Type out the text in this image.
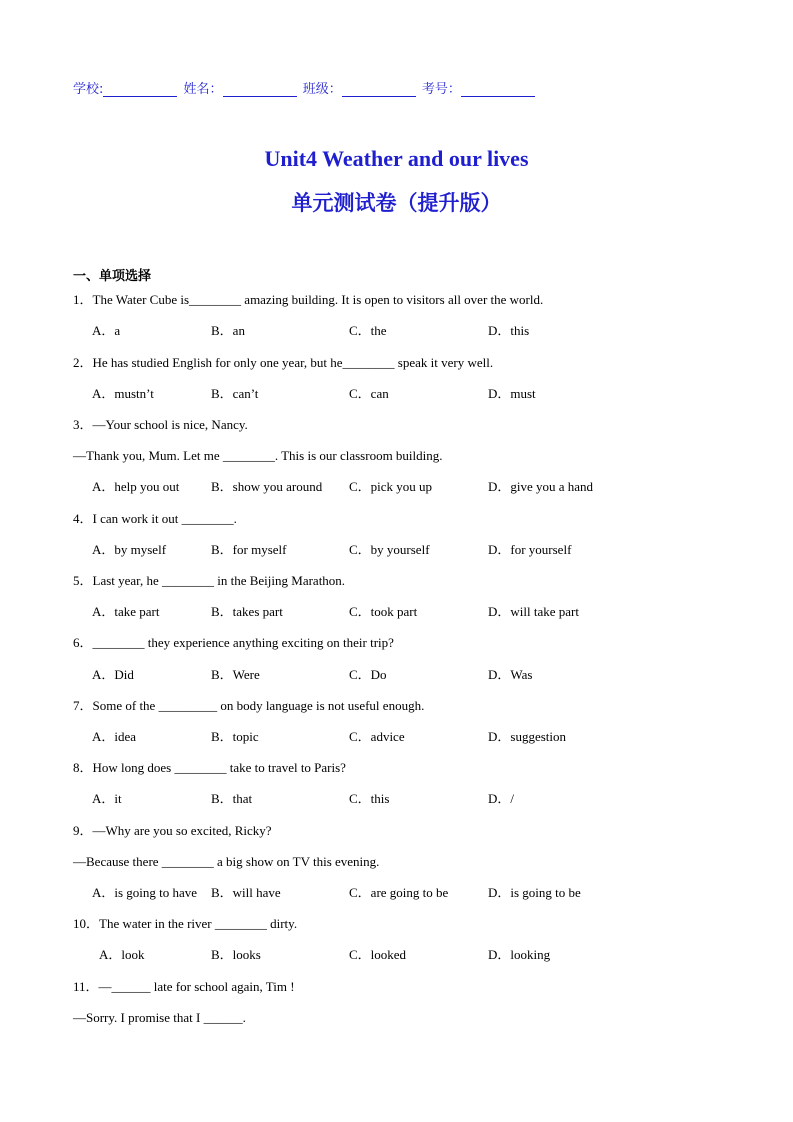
学校:	姓名：	班级：	考号：
Unit4 Weather and our lives
单元测试卷（提升版）
一、单项选择
1．The Water Cube is________ amazing building. It is open to visitors all over the world.
A．a	B．an	C．the	D．this
2．He has studied English for only one year, but he________ speak it very well.
A．mustn’t	B．can’t	C．can	D．must
3．—Your school is nice, Nancy.
—Thank you, Mum. Let me ________. This is our classroom building.
A．help you out B．show you around C．pick you up	D．give you a hand
4．I can work it out ________.
A．by myself	B．for myself	C．by yourself	D．for yourself
5．Last year, he ________ in the Beijing Marathon.
A．take part	B．takes part	C．took part	D．will take part
6．________ they experience anything exciting on their trip?
A．Did	B．Were	C．Do	D．Was
7．Some of the _________ on body language is not useful enough.
A．idea	B．topic	C．advice	D．suggestion
8．How long does ________ take to travel to Paris?
A．it	B．that	C．this	D．/
9．—Why are you so excited, Ricky?
—Because there ________ a big show on TV this evening.
A．is going to have B．will have	C．are going to be	D．is going to be
10．The water in the river ________ dirty.
A．look	B．looks	C．looked	D．looking
11．—______ late for school again, Tim !
—Sorry. I promise that I ______.
